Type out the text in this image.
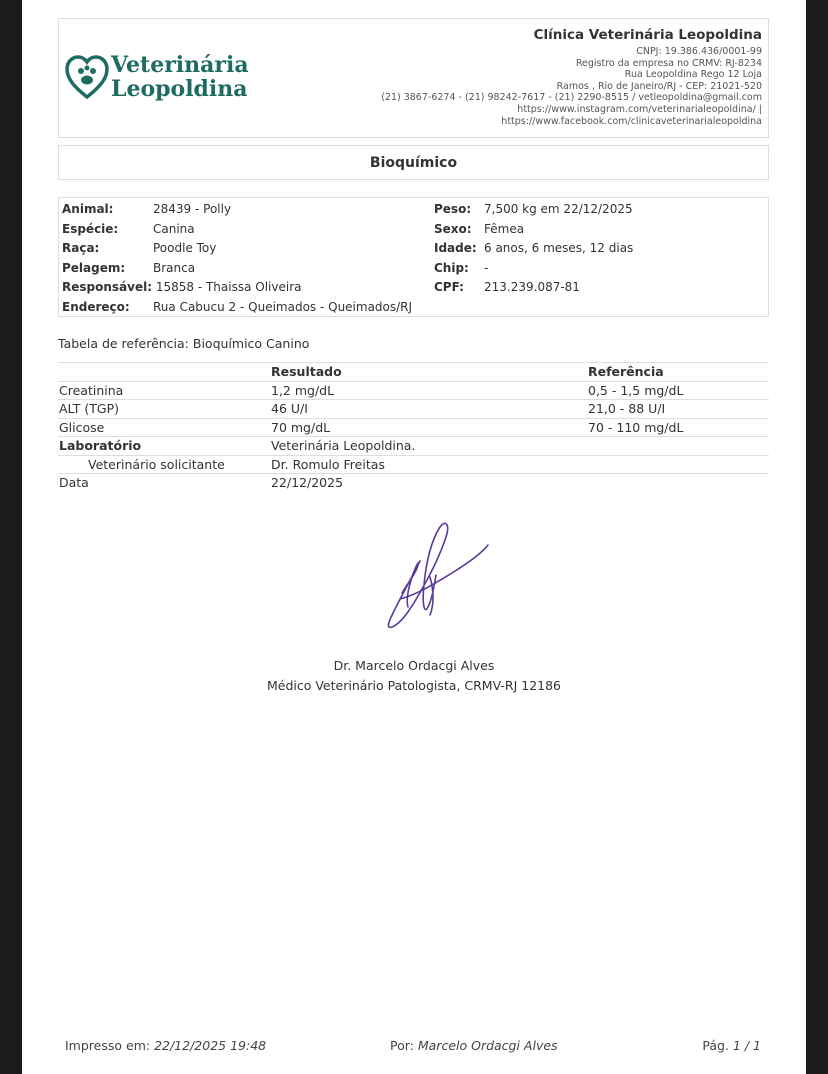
Veterinária
Leopoldina
Clínica Veterinária Leopoldina
CNPJ: 19.386.436/0001-99
Registro da empresa no CRMV: RJ-8234
Rua Leopoldina Rego 12 Loja
Ramos , Rio de Janeiro/RJ - CEP: 21021-520
(21) 3867-6274 - (21) 98242-7617 - (21) 2290-8515 / vetleopoldina@gmail.com
https://www.instagram.com/veterinarialeopoldina/ |
https://www.facebook.com/clinicaveterinarialeopoldina
Bioquímico
Animal:	28439 - Polly
Espécie:	Canina
Raça:	Poodle Toy
Pelagem: Branca
Responsável: 15858 - Thaissa Oliveira
Endereço: Rua Cabucu 2 - Queimados - Queimados/RJ
Peso: 7,500 kg em 22/12/2025
Sexo: Fêmea
Idade: 6 anos, 6 meses, 12 dias
Chip: -
CPF: 213.239.087-81
Tabela de referência: Bioquímico Canino
	Resultado	Referência
Creatinina	1,2 mg/dL	0,5 - 1,5 mg/dL
ALT (TGP)	46 U/I	21,0 - 88 U/I
Glicose	70 mg/dL	70 - 110 mg/dL
Laboratório	Veterinária Leopoldina.	
Veterinário solicitante	Dr. Romulo Freitas	
Data	22/12/2025	
Dr. Marcelo Ordacgi Alves
Médico Veterinário Patologista, CRMV-RJ 12186
Impresso em: 22/12/2025 19:48	Por: Marcelo Ordacgi Alves	Pág. 1 / 1
